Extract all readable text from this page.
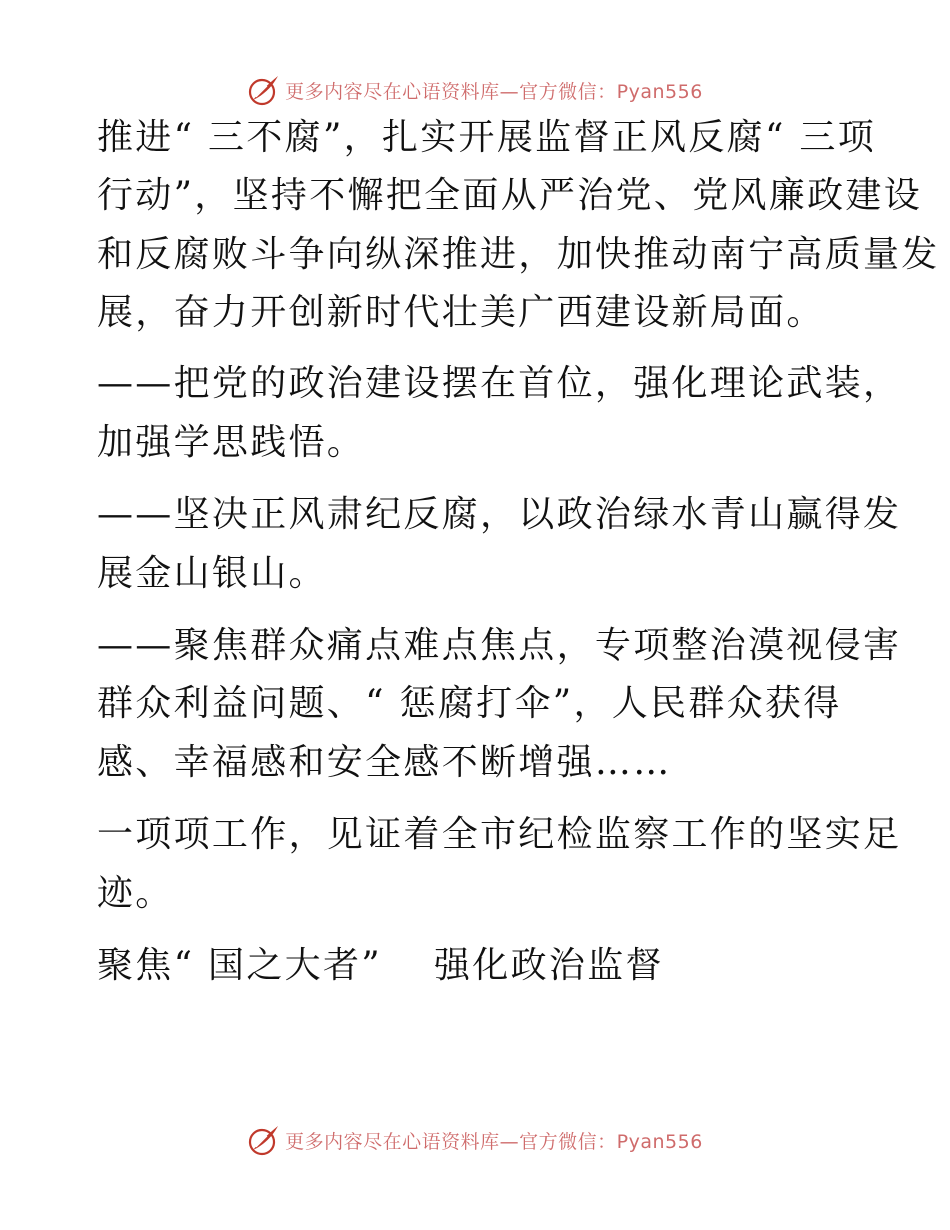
更多内容尽在心语资料库—官方微信：Pyan556
推进“ 三不腐”，扎实开展监督正风反腐“ 三项
行动”，坚持不懈把全面从严治党、党风廉政建设
和反腐败斗争向纵深推进，加快推动南宁高质量发
展，奋力开创新时代壮美广西建设新局面。
——把党的政治建设摆在首位，强化理论武装，
加强学思践悟。
——坚决正风肃纪反腐，以政治绿水青山赢得发
展金山银山。
——聚焦群众痛点难点焦点，专项整治漠视侵害
群众利益问题、“ 惩腐打伞”，人民群众获得
感、幸福感和安全感不断增强……
一项项工作，见证着全市纪检监察工作的坚实足
迹。
聚焦“ 国之大者”　 强化政治监督
更多内容尽在心语资料库—官方微信：Pyan556
